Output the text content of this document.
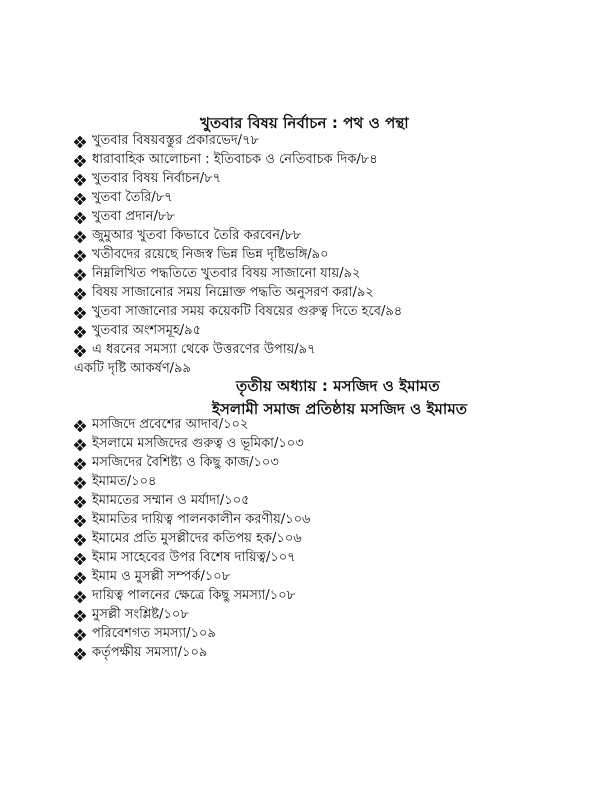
খুতবার বিষয় নির্বাচন : পথ ও পন্থা
খুতবার বিষয়বস্তুর প্রকারভেদ/৭৮
ধারাবাহিক আলোচনা : ইতিবাচক ও নেতিবাচক দিক/৮৪
খুতবার বিষয় নির্বাচন/৮৭
খুতবা তৈরি/৮৭
খুতবা প্রদান/৮৮
জুমুআর খুতবা কিভাবে তৈরি করবেন/৮৮
খতীবদের রয়েছে নিজস্ব ভিন্ন ভিন্ন দৃষ্টিভঙ্গি/৯০
নিম্নলিখিত পদ্ধতিতে খুতবার বিষয় সাজানো যায়/৯২
বিষয় সাজানোর সময় নিম্নোক্ত পদ্ধতি অনুসরণ করা/৯২
খুতবা সাজানোর সময় কয়েকটি বিষয়ের গুরুত্ব দিতে হবে/৯৪
খুতবার অংশসমূহ/৯৫
এ ধরনের সমস্যা থেকে উত্তরণের উপায়/৯৭
একটি দৃষ্টি আকর্ষণ/৯৯
তৃতীয় অধ্যায় : মসজিদ ও ইমামত
ইসলামী সমাজ প্রতিষ্ঠায় মসজিদ ও ইমামত
মসজিদে প্রবেশের আদাব/১০২
ইসলামে মসজিদের গুরুত্ব ও ভূমিকা/১০৩
মসজিদের বৈশিষ্ট্য ও কিছু কাজ/১০৩
ইমামত/১০৪
ইমামতের সম্মান ও মর্যাদা/১০৫
ইমামতির দায়িত্ব পালনকালীন করণীয়/১০৬
ইমামের প্রতি মুসল্লীদের কতিপয় হক/১০৬
ইমাম সাহেবের উপর বিশেষ দায়িত্ব/১০৭
ইমাম ও মুসল্লী সম্পর্ক/১০৮
দায়িত্ব পালনের ক্ষেত্রে কিছু সমস্যা/১০৮
মুসল্লী সংশ্লিষ্ট/১০৮
পরিবেশগত সমস্যা/১০৯
কর্তৃপক্ষীয় সমস্যা/১০৯
